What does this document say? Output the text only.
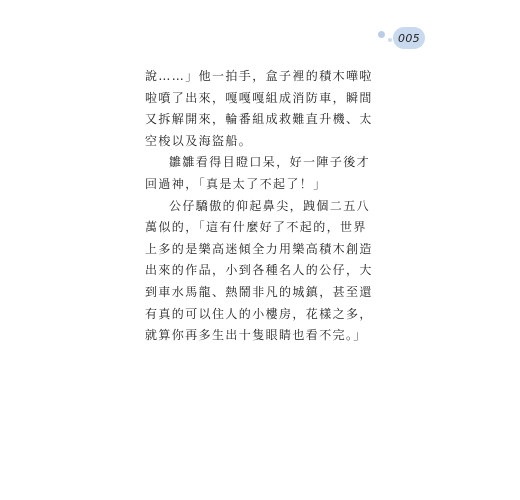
005

說……」他一拍手，盒子裡的積木嘩啦啦噴了出來，嘎嘎嘎組成消防車，瞬間又拆解開來，輪番組成救難直升機、太空梭以及海盜船。

雛雛看得目瞪口呆，好一陣子後才回過神，「真是太了不起了！」

公仔驕傲的仰起鼻尖，跩個二五八萬似的，「這有什麼好了不起的，世界上多的是樂高迷傾全力用樂高積木創造出來的作品，小到各種名人的公仔，大到車水馬龍、熱鬧非凡的城鎮，甚至還有真的可以住人的小樓房，花樣之多，就算你再多生出十隻眼睛也看不完。」
